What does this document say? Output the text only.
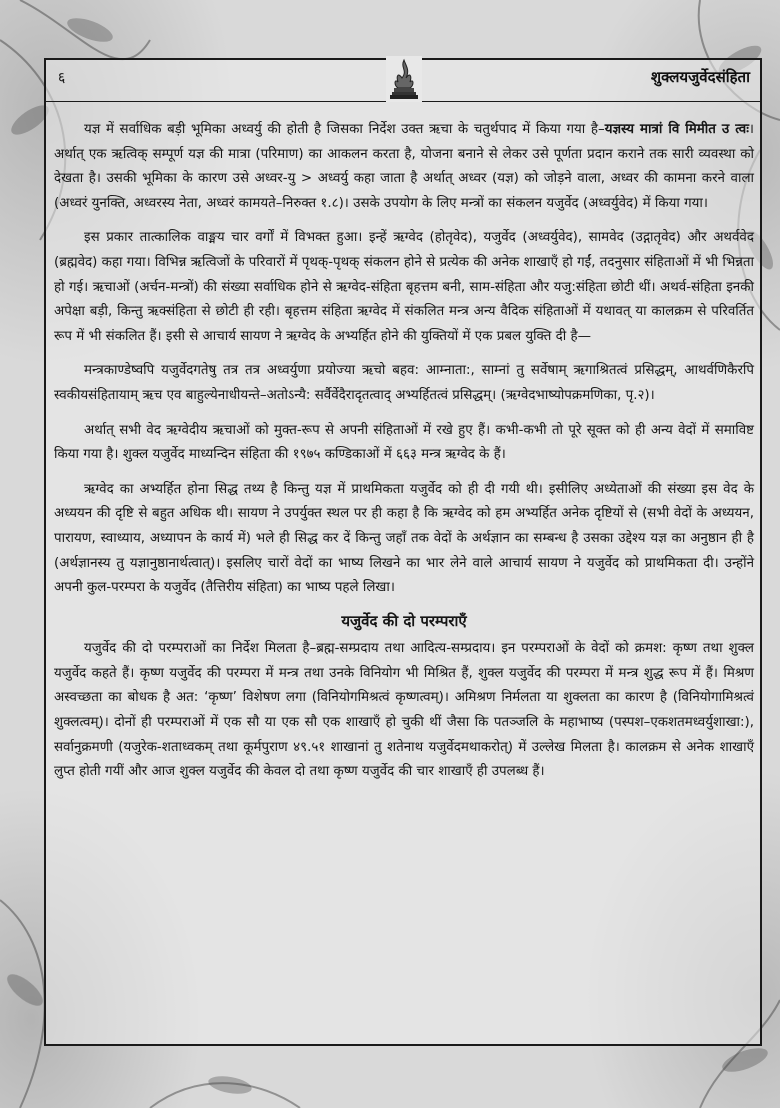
६	शुक्लयजुर्वेदसंहिता

यज्ञ में सर्वाधिक बड़ी भूमिका अध्वर्यु की होती है जिसका निर्देश उक्त ऋचा के चतुर्थपाद में किया गया है–यज्ञस्य मात्रां वि मिमीत उ त्वः। अर्थात् एक ऋत्विक् सम्पूर्ण यज्ञ की मात्रा (परिमाण) का आकलन करता है, योजना बनाने से लेकर उसे पूर्णता प्रदान कराने तक सारी व्यवस्था को देखता है। उसकी भूमिका के कारण उसे अध्वर-यु > अध्वर्यु कहा जाता है अर्थात् अध्वर (यज्ञ) को जोड़ने वाला, अध्वर की कामना करने वाला (अध्वरं युनक्ति, अध्वरस्य नेता, अध्वरं कामयते–निरुक्त १.८)। उसके उपयोग के लिए मन्त्रों का संकलन यजुर्वेद (अध्वर्युवेद) में किया गया।

इस प्रकार तात्कालिक वाङ्मय चार वर्गों में विभक्त हुआ। इन्हें ऋग्वेद (होतृवेद), यजुर्वेद (अध्वर्युवेद), सामवेद (उद्गातृवेद) और अथर्ववेद (ब्रह्मवेद) कहा गया। विभिन्न ऋत्विजों के परिवारों में पृथक्-पृथक् संकलन होने से प्रत्येक की अनेक शाखाएँ हो गईं, तदनुसार संहिताओं में भी भिन्नता हो गई। ऋचाओं (अर्चन-मन्त्रों) की संख्या सर्वाधिक होने से ऋग्वेद-संहिता बृहत्तम बनी, साम-संहिता और यजु:संहिता छोटी थीं। अथर्व-संहिता इनकी अपेक्षा बड़ी, किन्तु ऋक्संहिता से छोटी ही रही। बृहत्तम संहिता ऋग्वेद में संकलित मन्त्र अन्य वैदिक संहिताओं में यथावत् या कालक्रम से परिवर्तित रूप में भी संकलित हैं। इसी से आचार्य सायण ने ऋग्वेद के अभ्यर्हित होने की युक्तियों में एक प्रबल युक्ति दी है—

मन्त्रकाण्डेष्वपि यजुर्वेदगतेषु तत्र तत्र अध्वर्युणा प्रयोज्या ऋचो बहव: आम्नाता:, साम्नां तु सर्वेषाम् ऋगाश्रितत्वं प्रसिद्धम्, आथर्वणिकैरपि स्वकीयसंहितायाम् ऋच एव बाहुल्येनाधीयन्ते–अतोऽन्यै: सर्वैर्वेदैरादृतत्वाद् अभ्यर्हितत्वं प्रसिद्धम्। (ऋग्वेदभाष्योपक्रमणिका, पृ.२)।

अर्थात् सभी वेद ऋग्वेदीय ऋचाओं को मुक्त-रूप से अपनी संहिताओं में रखे हुए हैं। कभी-कभी तो पूरे सूक्त को ही अन्य वेदों में समाविष्ट किया गया है। शुक्ल यजुर्वेद माध्यन्दिन संहिता की १९७५ कण्डिकाओं में ६६३ मन्त्र ऋग्वेद के हैं।

ऋग्वेद का अभ्यर्हित होना सिद्ध तथ्य है किन्तु यज्ञ में प्राथमिकता यजुर्वेद को ही दी गयी थी। इसीलिए अध्येताओं की संख्या इस वेद के अध्ययन की दृष्टि से बहुत अधिक थी। सायण ने उपर्युक्त स्थल पर ही कहा है कि ऋग्वेद को हम अभ्यर्हित अनेक दृष्टियों से (सभी वेदों के अध्ययन, पारायण, स्वाध्याय, अध्यापन के कार्य में) भले ही सिद्ध कर दें किन्तु जहाँ तक वेदों के अर्थज्ञान का सम्बन्ध है उसका उद्देश्य यज्ञ का अनुष्ठान ही है (अर्थज्ञानस्य तु यज्ञानुष्ठानार्थत्वात्)। इसलिए चारों वेदों का भाष्य लिखने का भार लेने वाले आचार्य सायण ने यजुर्वेद को प्राथमिकता दी। उन्होंने अपनी कुल-परम्परा के यजुर्वेद (तैत्तिरीय संहिता) का भाष्य पहले लिखा।

यजुर्वेद की दो परम्पराएँ

यजुर्वेद की दो परम्पराओं का निर्देश मिलता है–ब्रह्म-सम्प्रदाय तथा आदित्य-सम्प्रदाय। इन परम्पराओं के वेदों को क्रमश: कृष्ण तथा शुक्ल यजुर्वेद कहते हैं। कृष्ण यजुर्वेद की परम्परा में मन्त्र तथा उनके विनियोग भी मिश्रित हैं, शुक्ल यजुर्वेद की परम्परा में मन्त्र शुद्ध रूप में हैं। मिश्रण अस्वच्छता का बोधक है अत: ‘कृष्ण’ विशेषण लगा (विनियोगमिश्रत्वं कृष्णत्वम्)। अमिश्रण निर्मलता या शुक्लता का कारण है (विनियोगामिश्रत्वं शुक्लत्वम्)। दोनों ही परम्पराओं में एक सौ या एक सौ एक शाखाएँ हो चुकी थीं जैसा कि पतञ्जलि के महाभाष्य (पस्पश–एकशतमध्वर्युशाखा:), सर्वानुक्रमणी (यजुरेक-शताध्वकम् तथा कूर्मपुराण ४९.५१ शाखानां तु शतेनाथ यजुर्वेदमथाकरोत्) में उल्लेख मिलता है। कालक्रम से अनेक शाखाएँ लुप्त होती गयीं और आज शुक्ल यजुर्वेद की केवल दो तथा कृष्ण यजुर्वेद की चार शाखाएँ ही उपलब्ध हैं।
